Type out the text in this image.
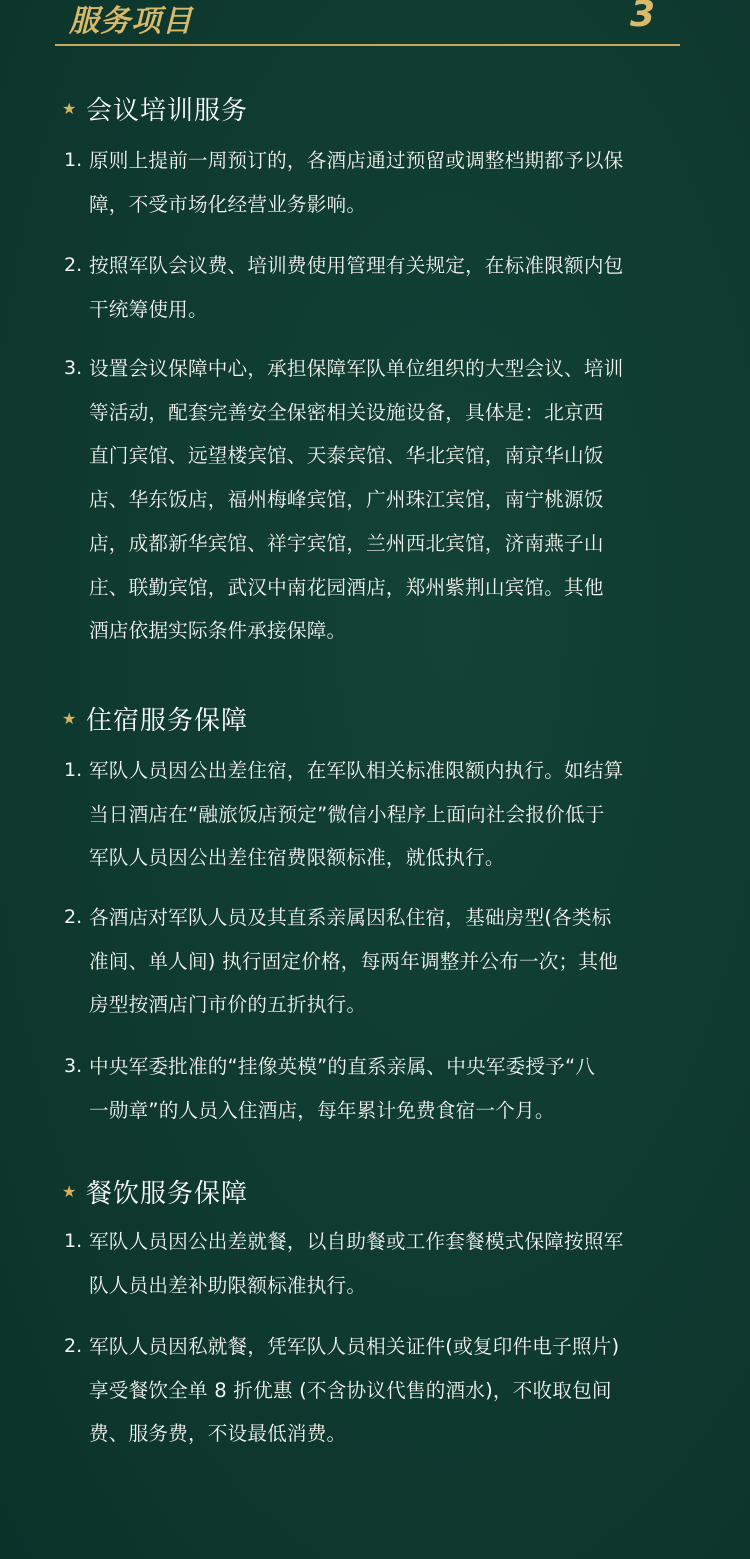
服务项目	3
★ 会议培训服务
1. 原则上提前一周预订的，各酒店通过预留或调整档期都予以保
障，不受市场化经营业务影响。
2. 按照军队会议费、培训费使用管理有关规定，在标准限额内包
干统筹使用。
3. 设置会议保障中心，承担保障军队单位组织的大型会议、培训
等活动，配套完善安全保密相关设施设备，具体是：北京西
直门宾馆、远望楼宾馆、天泰宾馆、华北宾馆，南京华山饭
店、华东饭店，福州梅峰宾馆，广州珠江宾馆，南宁桃源饭
店，成都新华宾馆、祥宇宾馆，兰州西北宾馆，济南燕子山
庄、联勤宾馆，武汉中南花园酒店，郑州紫荆山宾馆。其他
酒店依据实际条件承接保障。
★ 住宿服务保障
1. 军队人员因公出差住宿，在军队相关标准限额内执行。如结算
当日酒店在“融旅饭店预定”微信小程序上面向社会报价低于
军队人员因公出差住宿费限额标准，就低执行。
2. 各酒店对军队人员及其直系亲属因私住宿，基础房型(各类标
准间、单人间) 执行固定价格，每两年调整并公布一次；其他
房型按酒店门市价的五折执行。
3. 中央军委批准的“挂像英模”的直系亲属、中央军委授予“八
一勋章”的人员入住酒店，每年累计免费食宿一个月。
★ 餐饮服务保障
1. 军队人员因公出差就餐，以自助餐或工作套餐模式保障按照军
队人员出差补助限额标准执行。
2. 军队人员因私就餐，凭军队人员相关证件(或复印件电子照片)
享受餐饮全单 8 折优惠 (不含协议代售的酒水)，不收取包间
费、服务费，不设最低消费。
